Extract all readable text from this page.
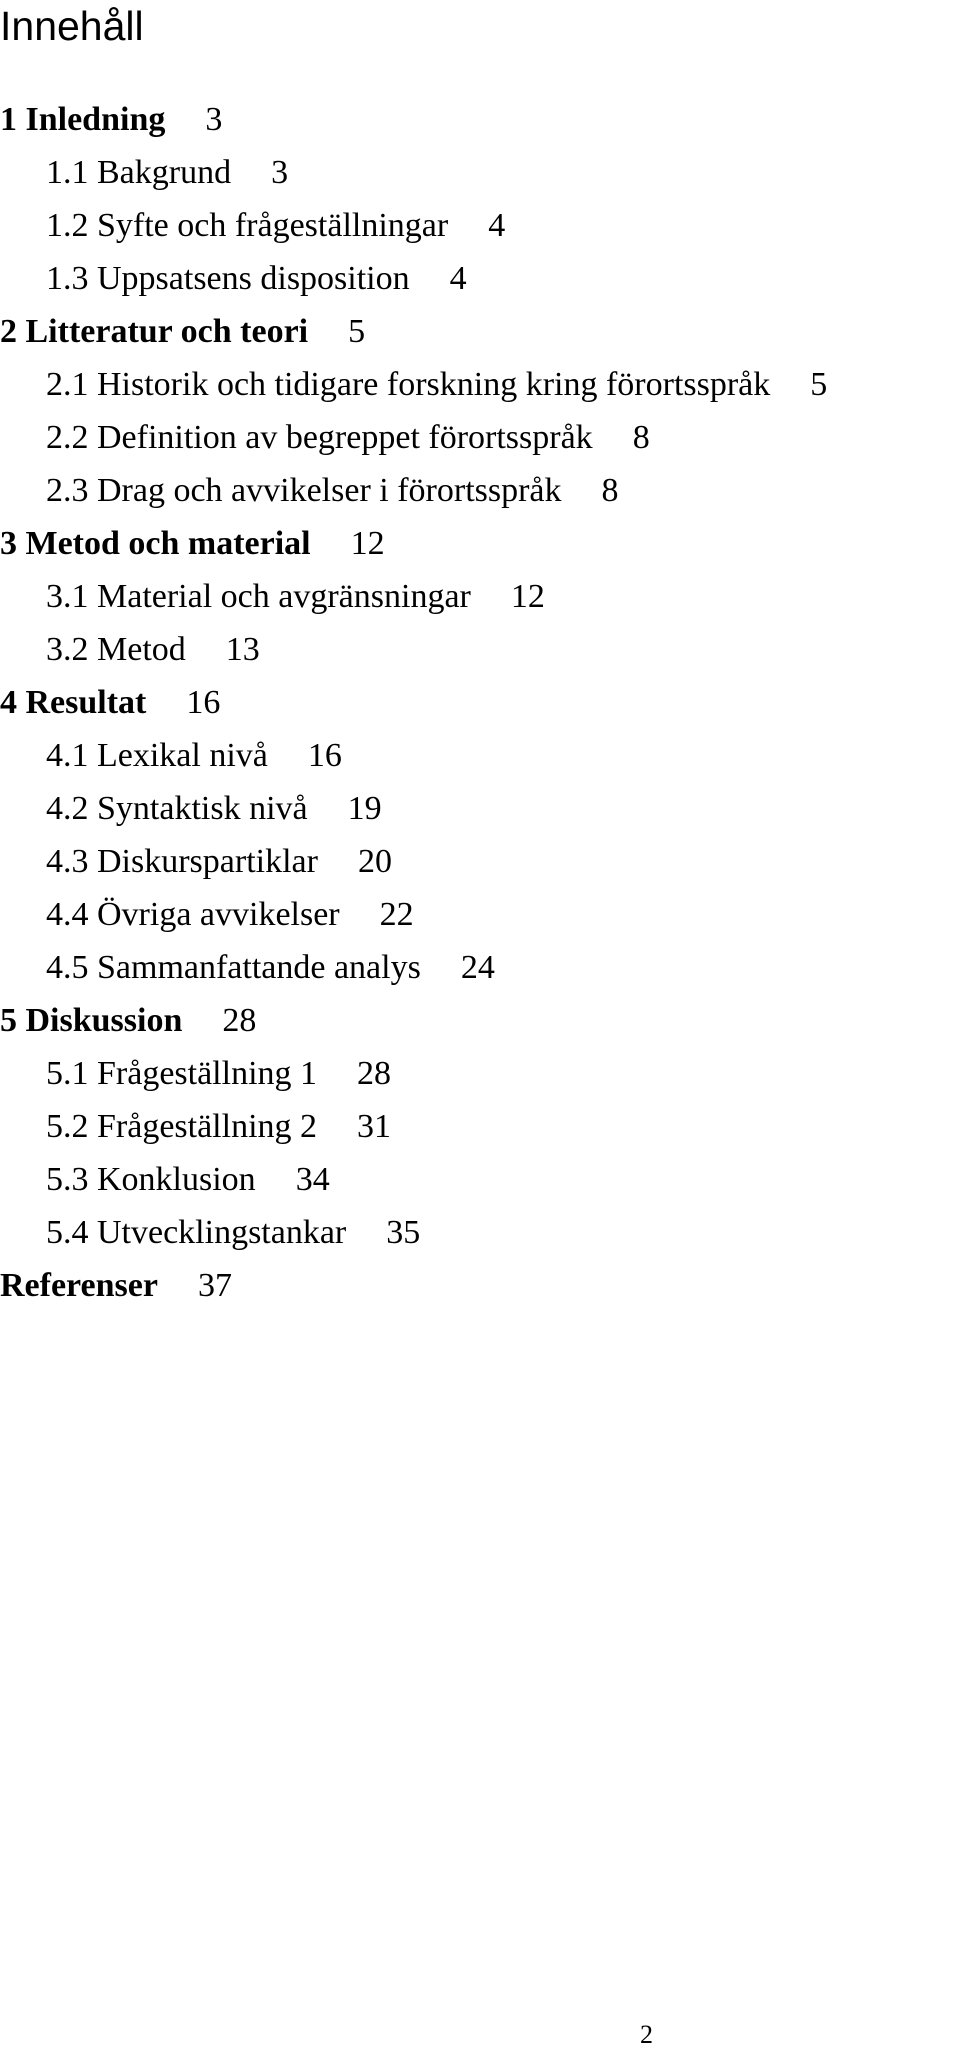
Innehåll
1 Inledning 3
1.1 Bakgrund 3
1.2 Syfte och frågeställningar 4
1.3 Uppsatsens disposition 4
2 Litteratur och teori 5
2.1 Historik och tidigare forskning kring förortsspråk 5
2.2 Definition av begreppet förortsspråk 8
2.3 Drag och avvikelser i förortsspråk 8
3 Metod och material 12
3.1 Material och avgränsningar 12
3.2 Metod 13
4 Resultat 16
4.1 Lexikal nivå 16
4.2 Syntaktisk nivå 19
4.3 Diskurspartiklar 20
4.4 Övriga avvikelser 22
4.5 Sammanfattande analys 24
5 Diskussion 28
5.1 Frågeställning 1 28
5.2 Frågeställning 2 31
5.3 Konklusion 34
5.4 Utvecklingstankar 35
Referenser 37
2
